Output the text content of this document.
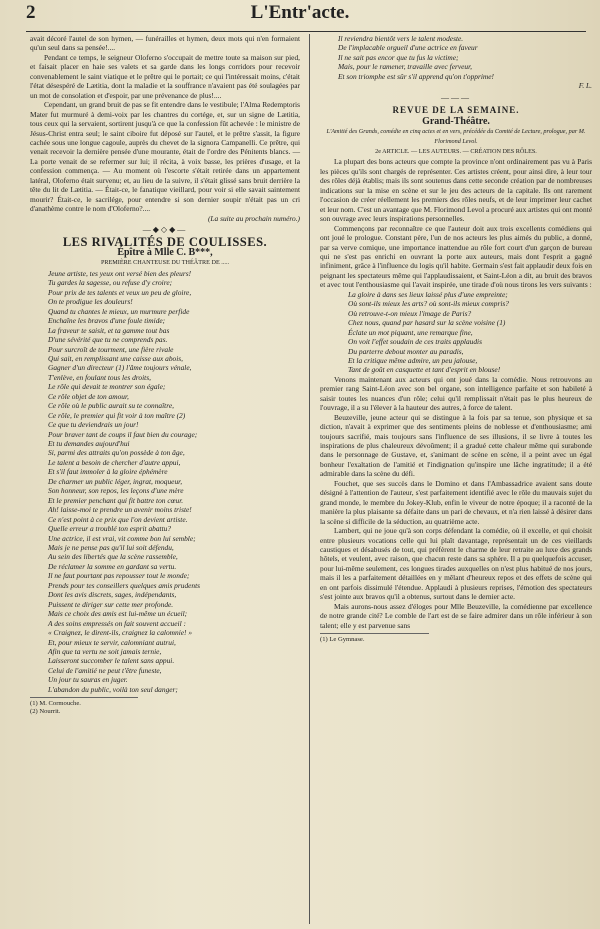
2	L'Entr'acte.

avait décoré l'autel de son hymen, — funérailles et hymen, deux mots qui n'en formaient qu'un seul dans sa pensée!....

Pendant ce temps, le seigneur Oloferno s'occupait de mettre toute sa maison sur pied, et faisait placer en haie ses valets et sa garde dans les longs corridors pour recevoir convenablement le saint viatique et le prêtre qui le portait; ce qui l'intéressait moins, c'était l'état désespéré de Lætitia, dont la maladie et la souffrance n'avaient pas été soulagées par un mot de consolation et d'espoir, par une prévenance de plus!....

Cependant, un grand bruit de pas se fit entendre dans le vestibule; l'Alma Redemptoris Mater fut murmuré à demi-voix par les chantres du cortége, et, sur un signe de Lætitia, tous ceux qui la servaient, sortirent jusqu'à ce que la confession fût achevée : le ministre de Jésus-Christ entra seul; le saint ciboire fut déposé sur l'autel, et le prêtre s'assit, la figure cachée sous une longue cagoule, auprès du chevet de la signora Campanelli. Ce prêtre, qui venait recevoir la dernière pensée d'une mourante, était de l'ordre des Pénitents blancs. — La porte venait de se refermer sur lui; il récita, à voix basse, les prières d'usage, et la confession commença. — Au moment où l'escorte s'était retirée dans un appartement latéral, Oloferno était survenu; et, au lieu de la suivre, il s'était glissé sans bruit derrière la tête du lit de Lætitia. — Était-ce, le fanatique vieillard, pour voir si elle savait saintement mourir? Était-ce, le sacrilége, pour entendre si son dernier soupir n'était pas un cri d'anathème contre le nom d'Oloferno?....

(La suite au prochain numéro.)
—◆◇◆—
LES RIVALITÉS DE COULISSES.
Épître à Mlle C. B***,
PREMIÈRE CHANTEUSE DU THÉÂTRE DE .....
Jeune artiste, tes yeux ont versé bien des pleurs!
Tu gardes la sagesse, ou refuse d'y croire;
Pour prix de tes talents et veux un peu de gloire,
On te prodigue les douleurs!
Quand tu chantes le mieux, un murmure perfide
Enchaîne les bravos d'une foule timide;
La fraveur te saisit, et ta gamme tout bas
D'une sévérité que tu ne comprends pas.
Pour surcroît de tourment, une fière rivale
Qui sait, en remplissant une caisse aux abois,
Gagner d'un directeur (1) l'âme toujours vénale,
T'enlève, en foulant tous les droits,
Le rôle qui devait te montrer son égale;
Ce rôle objet de ton amour,
Ce rôle où le public aurait su te connaître,
Ce rôle, le premier qui fit voir à ton maître (2)
Ce que tu deviendrais un jour!
Pour braver tant de coups il faut bien du courage;
Et tu demandes aujourd'hui
Si, parmi des attraits qu'on possède à ton âge,
Le talent a besoin de chercher d'autre appui,
Et s'il faut immoler à la gloire éphémère
De charmer un public léger, ingrat, moqueur,
Son honneur, son repos, les leçons d'une mère
Et le premier penchant qui fit battre ton cœur.
Ah! laisse-moi te prendre un avenir moins triste!
Ce n'est point à ce prix que l'on devient artiste.
Quelle erreur a troublé ton esprit abattu?
Une actrice, il est vrai, vit comme bon lui semble;
Mais je ne pense pas qu'il lui soit défendu,
Au sein des libertés que la scène rassemble,
De réclamer la somme en gardant sa vertu.
Il ne faut pourtant pas repousser tout le monde;
Prends pour tes conseillers quelques amis prudents
Dont les avis discrets, sages, indépendants,
Puissent te diriger sur cette mer profonde.
Mais ce choix des amis est lui-même un écueil;
A des soins empressés on fait souvent accueil :
« Craignez, le dirent-ils, craignez la calomnie! »
Et, pour mieux te servir, calomniant autrui,
Afin que ta vertu ne soit jamais ternie,
Laisseront succomber le talent sans appui.
Celui de l'amitié ne peut t'être funeste,
Un jour tu sauras en juger.
L'abandon du public, voilà ton seul danger;
(1) M. Cormouche.
(2) Nourrit.
Il reviendra bientôt vers le talent modeste.
De l'implacable orgueil d'une actrice en faveur
Il ne sait pas encor que tu fus la victime;
Mais, pour le ramener, travaille avec ferveur,
Et son triomphe est sûr s'il apprend qu'on t'opprime!
F. L.
———
REVUE DE LA SEMAINE.
Grand-Théâtre.
L'Amitié des Grands, comédie en cinq actes et en vers, précédée du Comité de Lecture, prologue, par M. Florimond Levol.
2e ARTICLE. — LES AUTEURS. — CRÉATION DES RÔLES.

La plupart des bons acteurs que compte la province n'ont ordinairement pas vu à Paris les pièces qu'ils sont chargés de représenter. Ces artistes créent, pour ainsi dire, à leur tour des rôles déjà établis; mais ils sont soutenus dans cette seconde création par de nombreuses indications sur la mise en scène et sur le jeu des acteurs de la capitale. Ils ont rarement l'occasion de créer réellement les premiers des rôles neufs, et de leur imprimer leur cachet et leur nom. C'est un avantage que M. Florimond Levol a procuré aux artistes qui ont monté son ouvrage avec leurs inspirations personnelles.

Commençons par reconnaître ce que l'auteur doit aux trois excellents comédiens qui ont joué le prologue. Constant père, l'un de nos acteurs les plus aimés du public, a donné, par sa verve comique, une importance inattendue au rôle fort court d'un garçon de bureau qui ne s'est pas enrichi en ouvrant la porte aux auteurs, mais dont l'esprit a gagné infiniment, grâce à l'influence du logis qu'il habite. Germain s'est fait applaudir deux fois en peignant les spectateurs même qui l'applaudissaient, et Saint-Léon a dit, au bruit des bravos et avec tout l'enthousiasme qui l'avait inspirée, une tirade d'où nous tirons les vers suivants :

La gloire à dans ses lieux laissé plus d'une empreinte;
Où sont-ils mieux les arts? où sont-ils mieux compris?
Où retrouve-t-on mieux l'image de Paris?
Chez nous, quand par hasard sur la scène voisine (1)
Éclate un mot piquant, une remarque fine,
On voit l'effet soudain de ces traits applaudis
Du parterre debout monter au paradis,
Et la critique même admire, un peu jalouse,
Tant de goût en casquette et tant d'esprit en blouse!

Venons maintenant aux acteurs qui ont joué dans la comédie. Nous retrouvons au premier rang Saint-Léon avec son bel organe, son intelligence parfaite et son habileté à saisir toutes les nuances d'un rôle; celui qu'il remplissait n'était pas le plus heureux de l'ouvrage, il a su l'élever à la hauteur des autres, à force de talent.

Beuzeville, jeune acteur qui se distingue à la fois par sa tenue, son physique et sa diction, n'avait à exprimer que des sentiments pleins de noblesse et d'enthousiasme; ami toujours sacrifié, mais toujours sans l'influence de ses illusions, il se livre à toutes les inspirations de plus chaleureux dévoûment; il a gradué cette chaleur même qui surabonde dans le personnage de Gustave, et, s'animant de scène en scène, il a peint avec un égal bonheur l'exaltation de l'amitié et l'indignation qu'inspire une lâche ingratitude; il a été admirable dans la scène du défi.

Fouchet, que ses succès dans le Domino et dans l'Ambassadrice avaient sans doute désigné à l'attention de l'auteur, s'est parfaitement identifié avec le rôle du mauvais sujet du grand monde, le membre du Jokey-Klub, enfin le viveur de notre époque; il a raconté de la manière la plus plaisante sa défaite dans un pari de chevaux, et n'a rien laissé à désirer dans la scène si difficile de la séduction, au quatrième acte.

Lambert, qui ne joue qu'à son corps défendant la comédie, où il excelle, et qui choisit entre plusieurs vocations celle qui lui plaît davantage, représentait un de ces vieillards caustiques et désabusés de tout, qui préfèrent le charme de leur retraite au luxe des grands hôtels, et veulent, avec raison, que chacun reste dans sa sphère. Il a pu quelquefois accuser, pour lui-même seulement, ces longues tirades auxquelles on n'est plus habitué de nos jours, mais il les a parfaitement détaillées en y mêlant d'heureux repos et des effets de scène qui en ont parfois dissimulé l'étendue. Applaudi à plusieurs reprises, l'émotion des spectateurs s'est jointe aux bravos qu'il a obtenus, surtout dans le dernier acte.

Mais aurons-nous assez d'éloges pour Mlle Beuzeville, la comédienne par excellence de notre grande cité? Le comble de l'art est de se faire admirer dans un rôle inférieur à son talent; elle y est parvenue sans

(1) Le Gymnase.
